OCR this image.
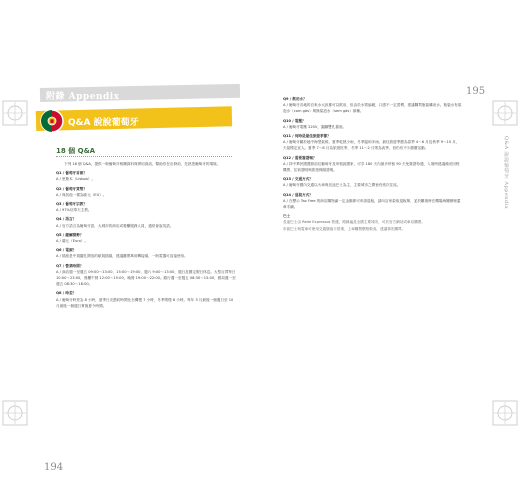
附錄 Appendix
Q&A 說說葡萄牙
18 個 Q&A

下列 18 個 Q&A，提供一般葡萄牙相關資料與實用資訊，幫助你在出發前，先熟悉葡萄牙的環境。

Q1 / 葡萄牙首都？
A / 里斯本（Lisboa）。
Q2 / 葡萄牙貨幣？
A / 與其他一樣為歐元（EU）。
Q3 / 葡萄牙宗教？
A / 97%信奉天主教。
Q4 / 語言？
A / 官方語言為葡萄牙語，大城市的商店或餐廳服務人員，通常會說英語。
Q5 / 薩爾淵勢？
A / 薩元（Euro）。
Q6 / 電源？
A / 插座是中規圓孔開放的歐規插頭，建議攜帶萬用轉接頭，一般電器可直接使用。
Q7 / 營業時間？
A / 商店週一至週五 09:00～13:00、15:00～19:00，週六 9:00～13:00，週日及國定假日休息。大型百貨每日 10:00～23:00，餐廳午餐 12:00～15:00，晚餐 19:00～22:00。銀行週一至週五 08:30～15:00，郵局週一至週五 08:30～18:00。
Q8 / 時差？
A / 葡萄牙時差為 8 小時，夏季日光節約時間比台灣慢 7 小時，冬季則慢 8 小時。每年 3 月最後一個週日至 10 月最後一個週日實施夏令時間。
194
195
Q&A 說說葡萄牙 Appendix
Q9 / 飲用水？
A / 葡萄牙各地的自來水大致都可以飲用，但由於水質偏硬，口感不一定習慣，建議購買瓶裝礦泉水。瓶裝水有氣泡水（com gás）與無氣泡水（sem gás）兩種。
Q10 / 電壓？
A / 葡萄牙電壓 220V，圓腳雙孔插座。
Q11 / 何時是最佳旅遊季節？
A / 葡萄牙屬於地中海型氣候，夏季乾熱少雨，冬季溫和多雨。最佳旅遊季節為春季 4～6 月及秋季 9～10 月，天氣穩定宜人。夏季 7～8 月為旅遊旺季，冬季 11～2 月則為淡季，但仍有不少節慶活動。
Q12 / 需要簽證嗎？
A / 持中華民國護照前往葡萄牙及申根區國家，可享 180 天內最多停留 90 天免簽證待遇，入境時建議備妥回程機票、住宿證明與旅遊保險證明。
Q13 / 交通方式？
A / 葡萄牙國內交通以火車與長途巴士為主，主要城市之間皆有班次往返。
Q14 / 退稅方式？
A / 在標示 Tax Free 的商店購物滿一定金額即可申請退稅，請向店家索取退稅單，並於離境時在機場海關辦理蓋章手續。
巴士
長途巴士由 Rede Expressos 營運，路線遍及全國主要城市，可於官方網站或車站購票。
市區巴士與電車可使用交通儲值卡搭乘，上車購票價格較高，建議事先購買。
